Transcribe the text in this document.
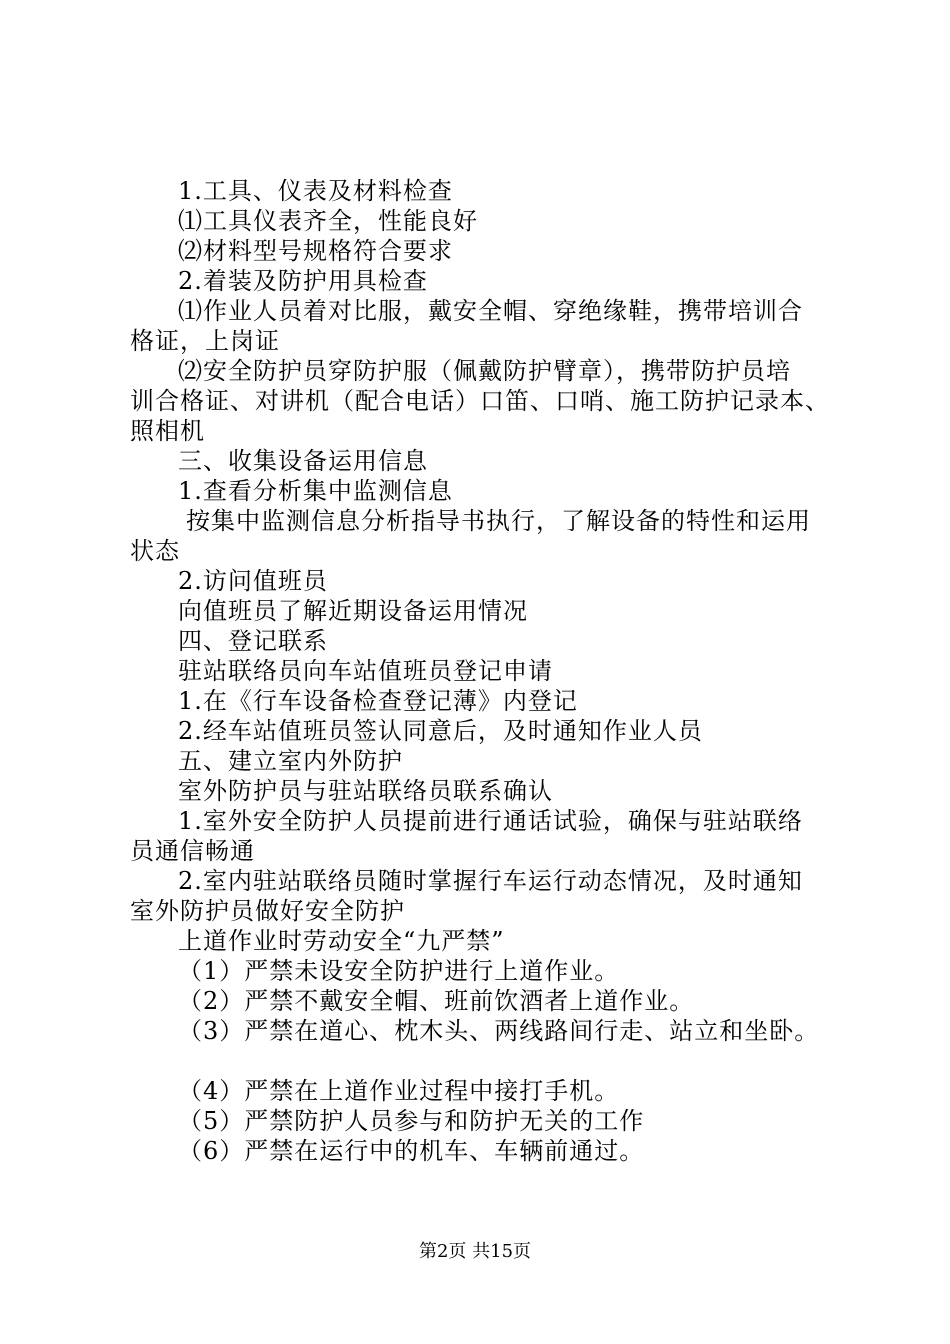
1.工具、仪表及材料检查
⑴工具仪表齐全，性能良好
⑵材料型号规格符合要求
2.着装及防护用具检查
⑴作业人员着对比服，戴安全帽、穿绝缘鞋，携带培训合
格证，上岗证
⑵安全防护员穿防护服（佩戴防护臂章），携带防护员培
训合格证、对讲机（配合电话）口笛、口哨、施工防护记录本、
照相机
三、收集设备运用信息
1.查看分析集中监测信息
按集中监测信息分析指导书执行，了解设备的特性和运用
状态
2.访问值班员
向值班员了解近期设备运用情况
四、登记联系
驻站联络员向车站值班员登记申请
1.在《行车设备检查登记薄》内登记
2.经车站值班员签认同意后，及时通知作业人员
五、建立室内外防护
室外防护员与驻站联络员联系确认
1.室外安全防护人员提前进行通话试验，确保与驻站联络
员通信畅通
2.室内驻站联络员随时掌握行车运行动态情况，及时通知
室外防护员做好安全防护
上道作业时劳动安全“九严禁”
（1）严禁未设安全防护进行上道作业。
（2）严禁不戴安全帽、班前饮酒者上道作业。
（3）严禁在道心、枕木头、两线路间行走、站立和坐卧。
（4）严禁在上道作业过程中接打手机。
（5）严禁防护人员参与和防护无关的工作
（6）严禁在运行中的机车、车辆前通过。
第2页 共15页
